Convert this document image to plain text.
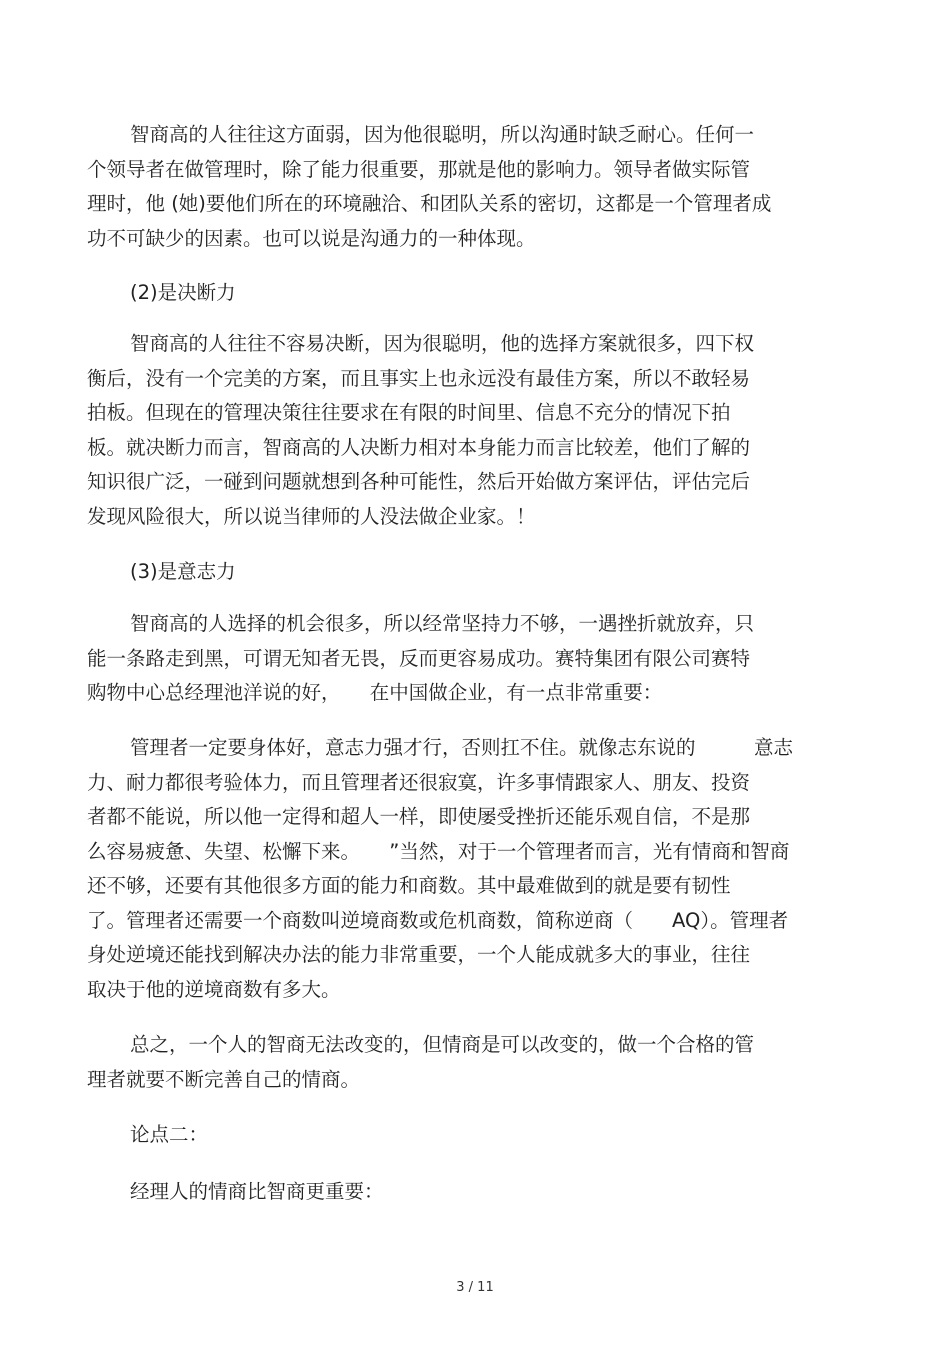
智商高的人往往这方面弱，因为他很聪明，所以沟通时缺乏耐心。任何一
个领导者在做管理时，除了能力很重要，那就是他的影响力。领导者做实际管
理时，他 (她)要他们所在的环境融洽、和团队关系的密切，这都是一个管理者成
功不可缺少的因素。也可以说是沟通力的一种体现。
(2)是决断力
智商高的人往往不容易决断，因为很聪明，他的选择方案就很多，四下权
衡后，没有一个完美的方案，而且事实上也永远没有最佳方案，所以不敢轻易
拍板。但现在的管理决策往往要求在有限的时间里、信息不充分的情况下拍
板。就决断力而言，智商高的人决断力相对本身能力而言比较差，他们了解的
知识很广泛，一碰到问题就想到各种可能性，然后开始做方案评估，评估完后
发现风险很大，所以说当律师的人没法做企业家。！
(3)是意志力
智商高的人选择的机会很多，所以经常坚持力不够，一遇挫折就放弃，只
能一条路走到黑，可谓无知者无畏，反而更容易成功。赛特集团有限公司赛特
购物中心总经理池洋说的好，　　在中国做企业，有一点非常重要：
管理者一定要身体好，意志力强才行，否则扛不住。就像志东说的　　　意志
力、耐力都很考验体力，而且管理者还很寂寞，许多事情跟家人、朋友、投资
者都不能说，所以他一定得和超人一样，即使屡受挫折还能乐观自信，不是那
么容易疲惫、失望、松懈下来。　　”当然，对于一个管理者而言，光有情商和智商
还不够，还要有其他很多方面的能力和商数。其中最难做到的就是要有韧性
了。管理者还需要一个商数叫逆境商数或危机商数，简称逆商（　　AQ）。管理者
身处逆境还能找到解决办法的能力非常重要，一个人能成就多大的事业，往往
取决于他的逆境商数有多大。
总之，一个人的智商无法改变的，但情商是可以改变的，做一个合格的管
理者就要不断完善自己的情商。
论点二：
经理人的情商比智商更重要：
3 / 11
